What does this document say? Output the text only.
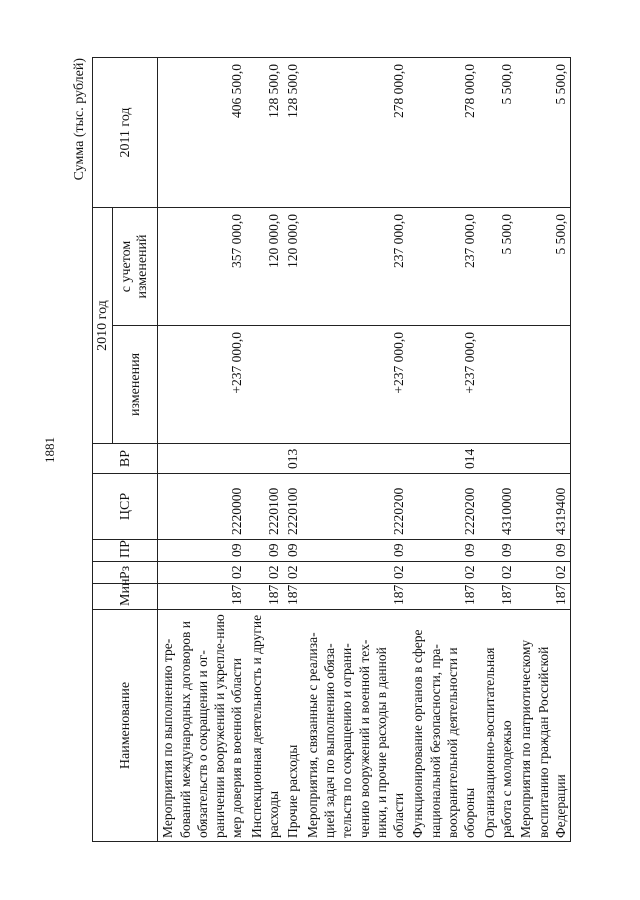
1881
Сумма (тыс. рублей)
Наименование	Мин	Рз	ПР	ЦСР	ВР	2010 год		2011 год
						изменения	с учетом изменений	
Мероприятия по выполнению тре-бований международных договоров и обязательств о сокращении и ог-раничении вооружений и укрепле-нию мер доверия в военной области	187	02	09	2220000		+237 000,0	357 000,0	406 500,0
Инспекционная деятельность и другие расходы	187	02	09	2220100			120 000,0	128 500,0
Прочие расходы	187	02	09	2220100	013		120 000,0	128 500,0
Мероприятия, связанные с реализа-цией задач по выполнению обяза-тельств по сокращению и ограни-чению вооружений и военной тех-ники, и прочие расходы в данной области	187	02	09	2220200		+237 000,0	237 000,0	278 000,0
Функционирование органов в сфере национальной безопасности, пра-воохранительной деятельности и обороны	187	02	09	2220200	014	+237 000,0	237 000,0	278 000,0
Организационно-воспитательная работа с молодежью	187	02	09	4310000			5 500,0	5 500,0
Мероприятия по патриотическому воспитанию граждан Российской Федерации	187	02	09	4319400			5 500,0	5 500,0
